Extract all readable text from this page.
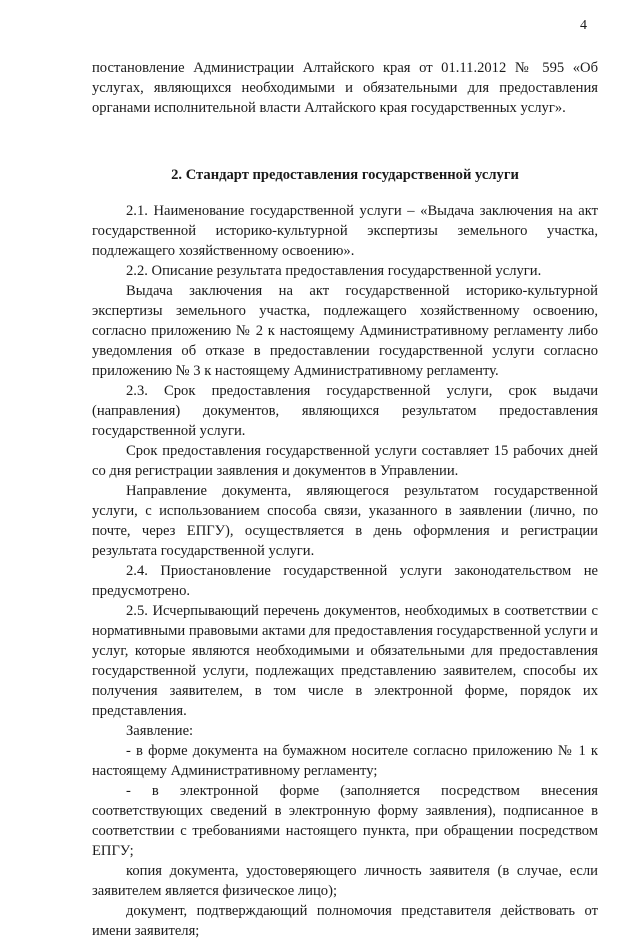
4

постановление Администрации Алтайского края от 01.11.2012 № 595 «Об услугах, являющихся необходимыми и обязательными для предоставления органами исполнительной власти Алтайского края государственных услуг».

2. Стандарт предоставления государственной услуги

2.1. Наименование государственной услуги – «Выдача заключения на акт государственной историко-культурной экспертизы земельного участка, подлежащего хозяйственному освоению».

2.2. Описание результата предоставления государственной услуги.

Выдача заключения на акт государственной историко-культурной экспертизы земельного участка, подлежащего хозяйственному освоению, согласно приложению № 2 к настоящему Административному регламенту либо уведомления об отказе в предоставлении государственной услуги согласно приложению № 3 к настоящему Административному регламенту.

2.3. Срок предоставления государственной услуги, срок выдачи (направления) документов, являющихся результатом предоставления государственной услуги.

Срок предоставления государственной услуги составляет 15 рабочих дней со дня регистрации заявления и документов в Управлении.

Направление документа, являющегося результатом государственной услуги, с использованием способа связи, указанного в заявлении (лично, по почте, через ЕПГУ), осуществляется в день оформления и регистрации результата государственной услуги.

2.4. Приостановление государственной услуги законодательством не предусмотрено.

2.5. Исчерпывающий перечень документов, необходимых в соответствии с нормативными правовыми актами для предоставления государственной услуги и услуг, которые являются необходимыми и обязательными для предоставления государственной услуги, подлежащих представлению заявителем, способы их получения заявителем, в том числе в электронной форме, порядок их представления.

Заявление:

- в форме документа на бумажном носителе согласно приложению № 1 к настоящему Административному регламенту;

- в электронной форме (заполняется посредством внесения соответствующих сведений в электронную форму заявления), подписанное в соответствии с требованиями настоящего пункта, при обращении посредством ЕПГУ;

копия документа, удостоверяющего личность заявителя (в случае, если заявителем является физическое лицо);

документ, подтверждающий полномочия представителя действовать от имени заявителя;
